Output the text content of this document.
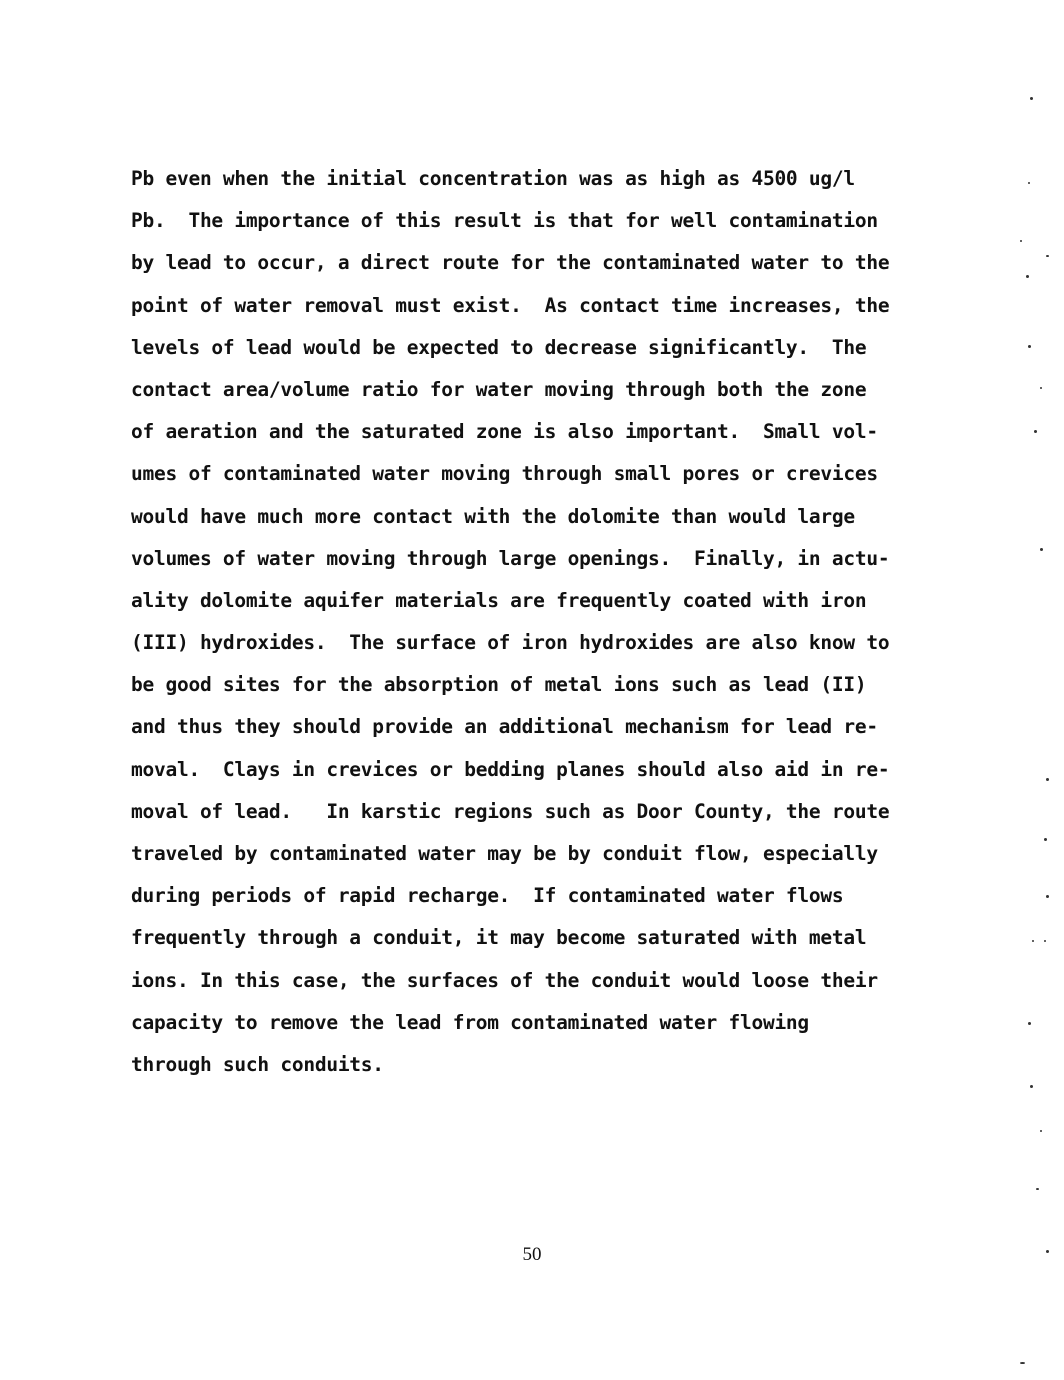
Pb even when the initial concentration was as high as 4500 ug/l
Pb.  The importance of this result is that for well contamination
by lead to occur, a direct route for the contaminated water to the
point of water removal must exist.  As contact time increases, the
levels of lead would be expected to decrease significantly.  The
contact area/volume ratio for water moving through both the zone
of aeration and the saturated zone is also important.  Small vol-
umes of contaminated water moving through small pores or crevices
would have much more contact with the dolomite than would large
volumes of water moving through large openings.  Finally, in actu-
ality dolomite aquifer materials are frequently coated with iron
(III) hydroxides.  The surface of iron hydroxides are also know to
be good sites for the absorption of metal ions such as lead (II)
and thus they should provide an additional mechanism for lead re-
moval.  Clays in crevices or bedding planes should also aid in re-
moval of lead.   In karstic regions such as Door County, the route
traveled by contaminated water may be by conduit flow, especially
during periods of rapid recharge.  If contaminated water flows
frequently through a conduit, it may become saturated with metal
ions. In this case, the surfaces of the conduit would loose their
capacity to remove the lead from contaminated water flowing
through such conduits.
50
